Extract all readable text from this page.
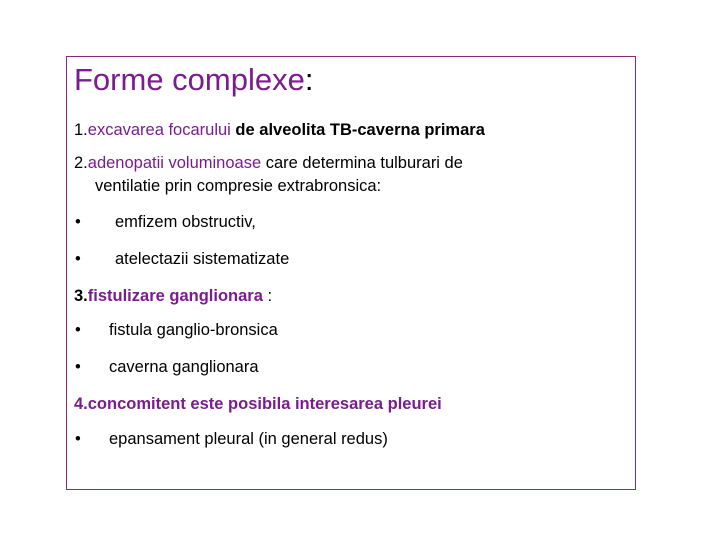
Forme complexe:
1.excavarea focarului de alveolita TB-caverna primara
2.adenopatii voluminoase care determina tulburari de
ventilatie prin compresie extrabronsica:
• emfizem obstructiv,
• atelectazii sistematizate
3.fistulizare ganglionara :
• fistula ganglio-bronsica
• caverna ganglionara
4.concomitent este posibila interesarea pleurei
• epansament pleural (in general redus)
